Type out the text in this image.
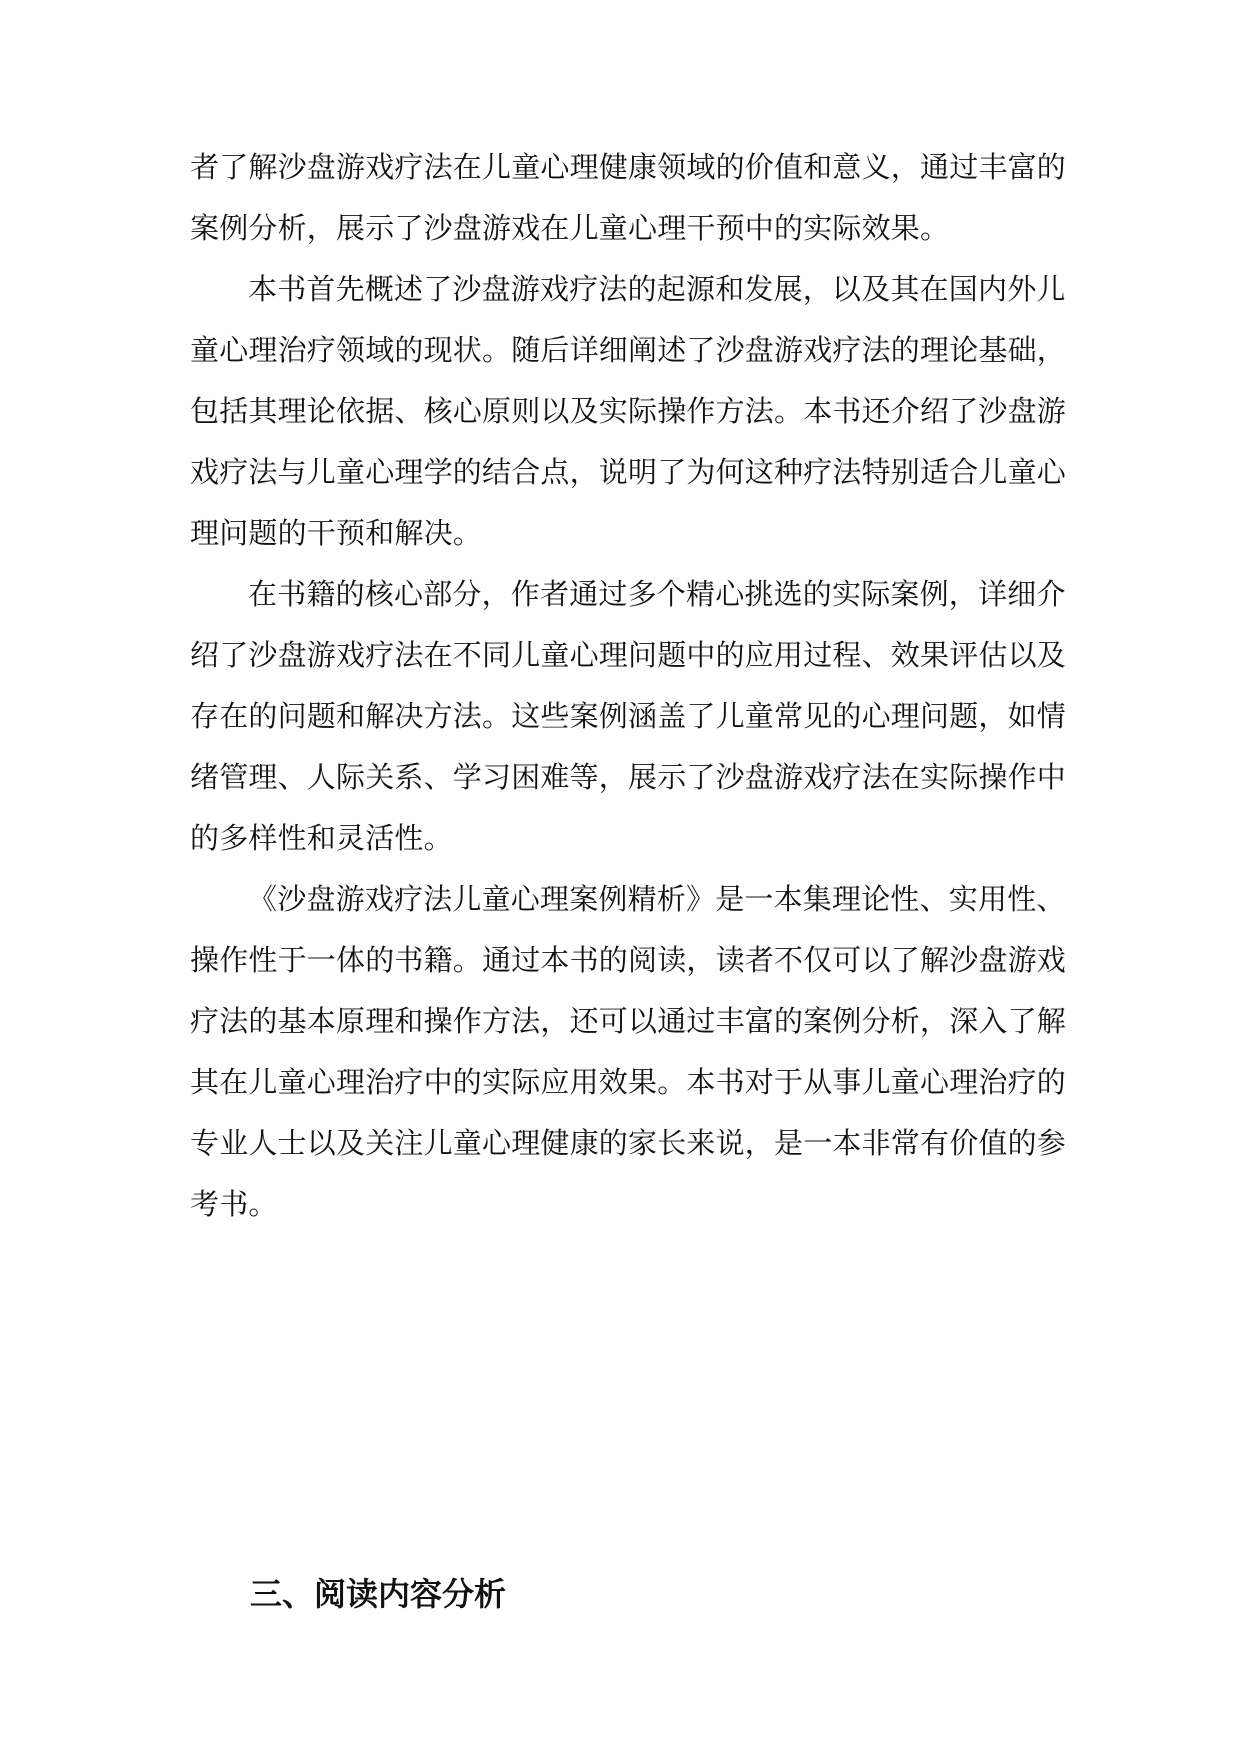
者了解沙盘游戏疗法在儿童心理健康领域的价值和意义，通过丰富的
案例分析，展示了沙盘游戏在儿童心理干预中的实际效果。
本书首先概述了沙盘游戏疗法的起源和发展，以及其在国内外儿
童心理治疗领域的现状。随后详细阐述了沙盘游戏疗法的理论基础，
包括其理论依据、核心原则以及实际操作方法。本书还介绍了沙盘游
戏疗法与儿童心理学的结合点，说明了为何这种疗法特别适合儿童心
理问题的干预和解决。
在书籍的核心部分，作者通过多个精心挑选的实际案例，详细介
绍了沙盘游戏疗法在不同儿童心理问题中的应用过程、效果评估以及
存在的问题和解决方法。这些案例涵盖了儿童常见的心理问题，如情
绪管理、人际关系、学习困难等，展示了沙盘游戏疗法在实际操作中
的多样性和灵活性。
《沙盘游戏疗法儿童心理案例精析》是一本集理论性、实用性、
操作性于一体的书籍。通过本书的阅读，读者不仅可以了解沙盘游戏
疗法的基本原理和操作方法，还可以通过丰富的案例分析，深入了解
其在儿童心理治疗中的实际应用效果。本书对于从事儿童心理治疗的
专业人士以及关注儿童心理健康的家长来说，是一本非常有价值的参
考书。
三、阅读内容分析
